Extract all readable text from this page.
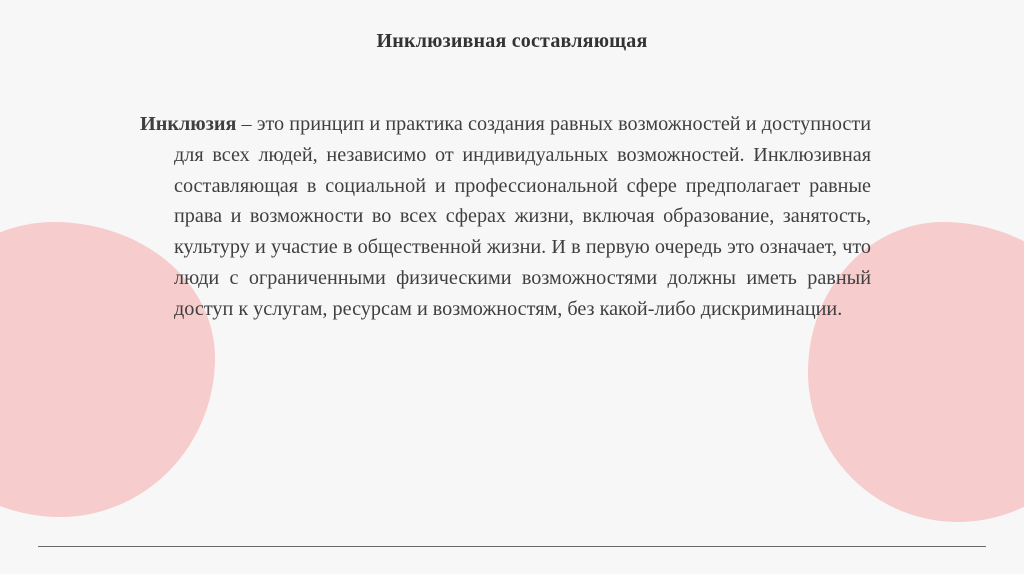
Инклюзивная составляющая

Инклюзия – это принцип и практика создания равных возможностей и доступности для всех людей, независимо от индивидуальных возможностей. Инклюзивная составляющая в социальной и профессиональной сфере предполагает равные права и возможности во всех сферах жизни, включая образование, занятость, культуру и участие в общественной жизни. И в первую очередь это означает, что люди с ограниченными физическими возможностями должны иметь равный доступ к услугам, ресурсам и возможностям, без какой-либо дискриминации.
